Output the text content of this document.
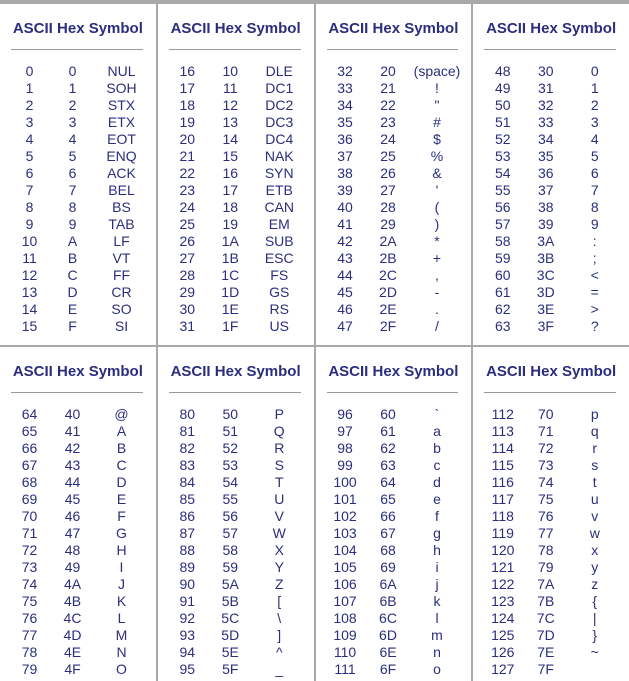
ASCII Hex Symbol
0	0	NUL
1	1	SOH
2	2	STX
3	3	ETX
4	4	EOT
5	5	ENQ
6	6	ACK
7	7	BEL
8	8	BS
9	9	TAB
10	A	LF
11	B	VT
12	C	FF
13	D	CR
14	E	SO
15	F	SI
ASCII Hex Symbol
16	10	DLE
17	11	DC1
18	12	DC2
19	13	DC3
20	14	DC4
21	15	NAK
22	16	SYN
23	17	ETB
24	18	CAN
25	19	EM
26	1A	SUB
27	1B	ESC
28	1C	FS
29	1D	GS
30	1E	RS
31	1F	US
ASCII Hex Symbol
32	20	(space)
33	21	!
34	22	"
35	23	#
36	24	$
37	25	%
38	26	&
39	27	'
40	28	(
41	29	)
42	2A	*
43	2B	+
44	2C	,
45	2D	-
46	2E	.
47	2F	/
ASCII Hex Symbol
48	30	0
49	31	1
50	32	2
51	33	3
52	34	4
53	35	5
54	36	6
55	37	7
56	38	8
57	39	9
58	3A	:
59	3B	;
60	3C	<
61	3D	=
62	3E	>
63	3F	?
ASCII Hex Symbol
64	40	@
65	41	A
66	42	B
67	43	C
68	44	D
69	45	E
70	46	F
71	47	G
72	48	H
73	49	I
74	4A	J
75	4B	K
76	4C	L
77	4D	M
78	4E	N
79	4F	O
ASCII Hex Symbol
80	50	P
81	51	Q
82	52	R
83	53	S
84	54	T
85	55	U
86	56	V
87	57	W
88	58	X
89	59	Y
90	5A	Z
91	5B	[
92	5C	\
93	5D	]
94	5E	^
95	5F	_
ASCII Hex Symbol
96	60	`
97	61	a
98	62	b
99	63	c
100	64	d
101	65	e
102	66	f
103	67	g
104	68	h
105	69	i
106	6A	j
107	6B	k
108	6C	l
109	6D	m
110	6E	n
111	6F	o
ASCII Hex Symbol
112	70	p
113	71	q
114	72	r
115	73	s
116	74	t
117	75	u
118	76	v
119	77	w
120	78	x
121	79	y
122	7A	z
123	7B	{
124	7C	|
125	7D	}
126	7E	~
127	7F	
